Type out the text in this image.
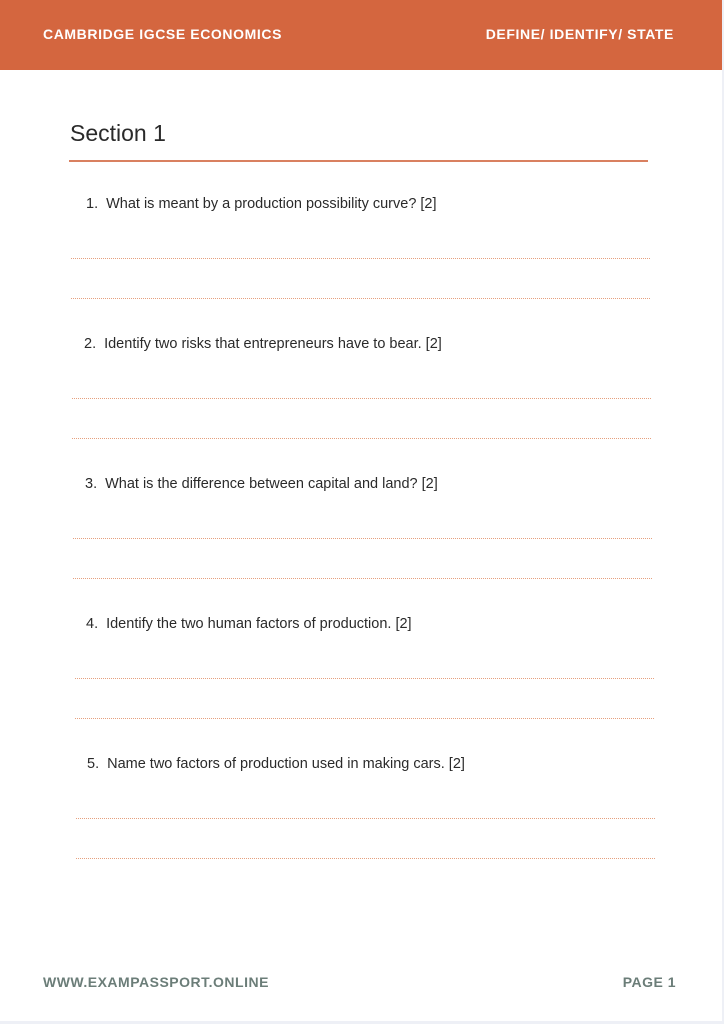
CAMBRIDGE IGCSE ECONOMICS	DEFINE/ IDENTIFY/ STATE
Section 1
1. What is meant by a production possibility curve? [2]
2. Identify two risks that entrepreneurs have to bear. [2]
3. What is the difference between capital and land? [2]
4. Identify the two human factors of production. [2]
5. Name two factors of production used in making cars. [2]
WWW.EXAMPASSPORT.ONLINE	PAGE 1
